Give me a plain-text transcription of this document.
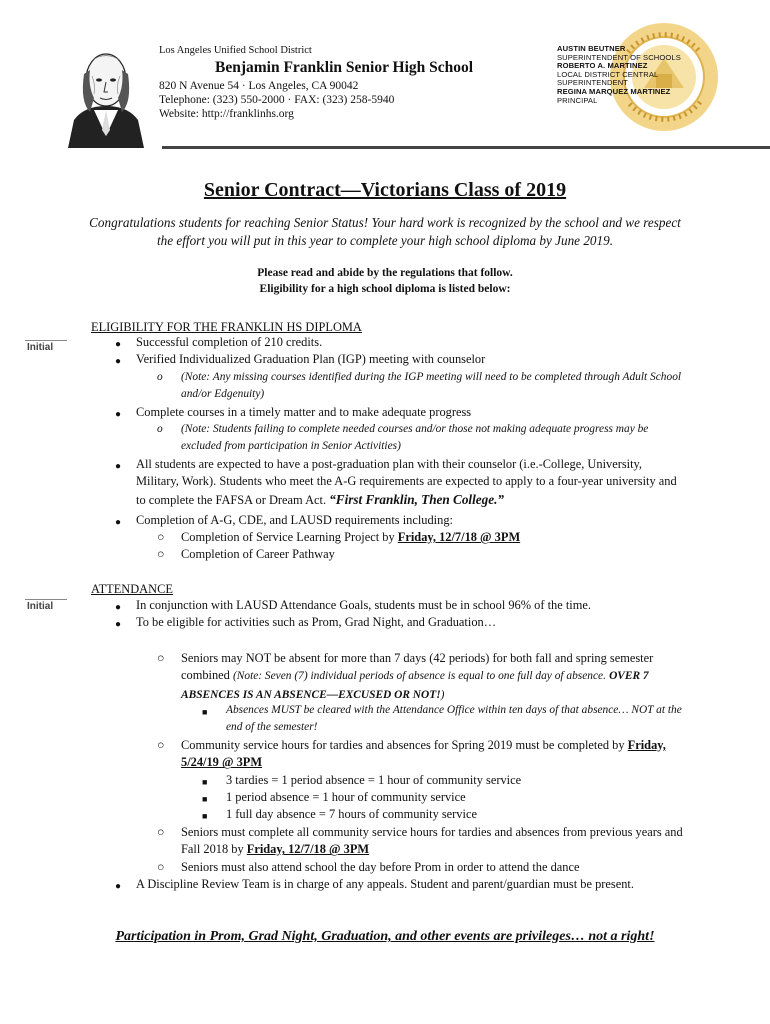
Los Angeles Unified School District
Benjamin Franklin Senior High School
820 N Avenue 54 · Los Angeles, CA 90042
Telephone: (323) 550-2000 · FAX: (323) 258-5940
Website: http://franklinhs.org
AUSTIN BEUTNER
SUPERINTENDENT OF SCHOOLS
ROBERTO A. MARTINEZ
LOCAL DISTRICT CENTRAL
SUPERINTENDENT
REGINA MARQUEZ MARTINEZ
PRINCIPAL
Senior Contract—Victorians Class of 2019
Congratulations students for reaching Senior Status! Your hard work is recognized by the school and we respect the effort you will put in this year to complete your high school diploma by June 2019.
Please read and abide by the regulations that follow.
Eligibility for a high school diploma is listed below:
Initial
ELIGIBILITY FOR THE FRANKLIN HS DIPLOMA
● Successful completion of 210 credits.
● Verified Individualized Graduation Plan (IGP) meeting with counselor
o (Note: Any missing courses identified during the IGP meeting will need to be completed through Adult School and/or Edgenuity)
● Complete courses in a timely matter and to make adequate progress
o (Note: Students failing to complete needed courses and/or those not making adequate progress may be excluded from participation in Senior Activities)
● All students are expected to have a post-graduation plan with their counselor (i.e.-College, University, Military, Work). Students who meet the A-G requirements are expected to apply to a four-year university and to complete the FAFSA or Dream Act. “First Franklin, Then College.”
● Completion of A-G, CDE, and LAUSD requirements including:
○ Completion of Service Learning Project by Friday, 12/7/18 @ 3PM
○ Completion of Career Pathway
Initial
ATTENDANCE
● In conjunction with LAUSD Attendance Goals, students must be in school 96% of the time.
● To be eligible for activities such as Prom, Grad Night, and Graduation…
○ Seniors may NOT be absent for more than 7 days (42 periods) for both fall and spring semester combined (Note: Seven (7) individual periods of absence is equal to one full day of absence. OVER 7 ABSENCES IS AN ABSENCE—EXCUSED OR NOT!)
■ Absences MUST be cleared with the Attendance Office within ten days of that absence… NOT at the end of the semester!
○ Community service hours for tardies and absences for Spring 2019 must be completed by Friday, 5/24/19 @ 3PM
■ 3 tardies = 1 period absence = 1 hour of community service
■ 1 period absence = 1 hour of community service
■ 1 full day absence = 7 hours of community service
○ Seniors must complete all community service hours for tardies and absences from previous years and Fall 2018 by Friday, 12/7/18 @ 3PM
○ Seniors must also attend school the day before Prom in order to attend the dance
● A Discipline Review Team is in charge of any appeals. Student and parent/guardian must be present.
Participation in Prom, Grad Night, Graduation, and other events are privileges… not a right!
